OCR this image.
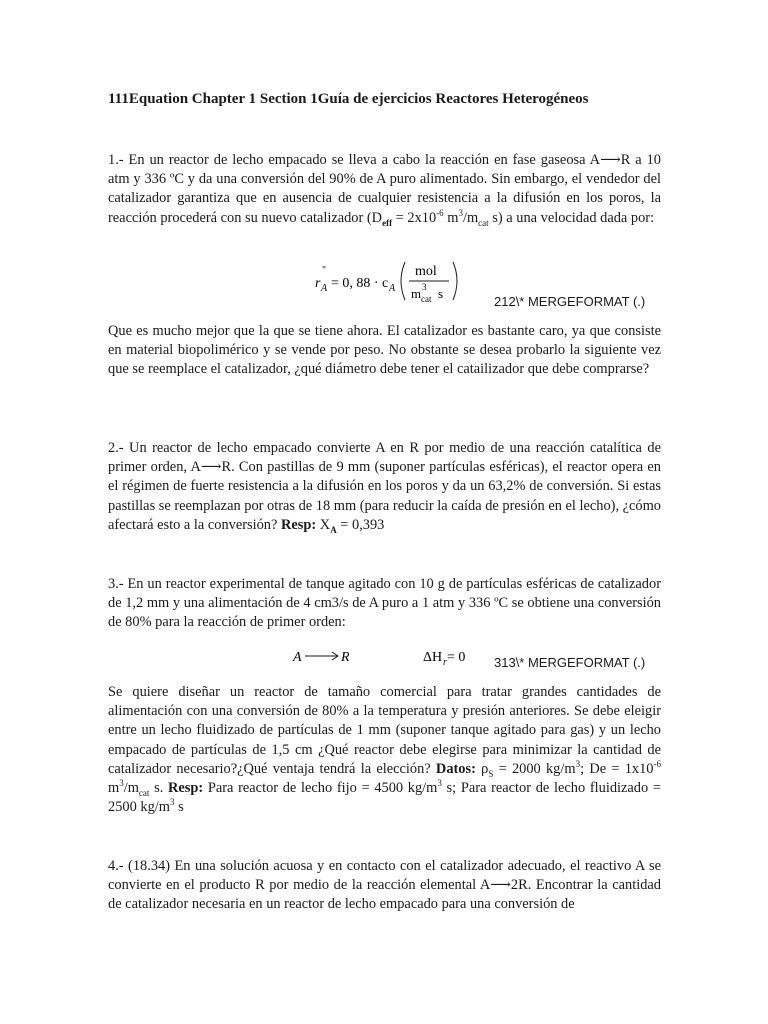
111Equation Chapter 1 Section 1Guía de ejercicios Reactores Heterogéneos

1.- En un reactor de lecho empacado se lleva a cabo la reacción en fase gaseosa A⟶R a 10 atm y 336 ºC y da una conversión del 90% de A puro alimentado. Sin embargo, el vendedor del catalizador garantiza que en ausencia de cualquier resistencia a la difusión en los poros, la reacción procederá con su nuevo catalizador ($D_{eff} = 2x10^{-6}$ $m^3/m_{cat}$ s) a una velocidad dada por:

r
"
A = 0, 88 · c A
mol
m 3
cat s
212\* MERGEFORMAT (.)

Que es mucho mejor que la que se tiene ahora. El catalizador es bastante caro, ya que consiste en material biopolimérico y se vende por peso. No obstante se desea probarlo la siguiente vez que se reemplace el catalizador, ¿qué diámetro debe tener el catailizador que debe comprarse?

2.- Un reactor de lecho empacado convierte A en R por medio de una reacción catalítica de primer orden, A⟶R. Con pastillas de 9 mm (suponer partículas esféricas), el reactor opera en el régimen de fuerte resistencia a la difusión en los poros y da un 63,2% de conversión. Si estas pastillas se reemplazan por otras de 18 mm (para reducir la caída de presión en el lecho), ¿cómo afectará esto a la conversión? Resp: $X_A = 0,393$

3.- En un reactor experimental de tanque agitado con 10 g de partículas esféricas de catalizador de 1,2 mm y una alimentación de 4 cm3/s de A puro a 1 atm y 336 ºC se obtiene una conversión de 80% para la reacción de primer orden:

A	R	ΔH r = 0 313\* MERGEFORMAT (.)

Se quiere diseñar un reactor de tamaño comercial para tratar grandes cantidades de alimentación con una conversión de 80% a la temperatura y presión anteriores. Se debe eleigir entre un lecho fluidizado de partículas de 1 mm (suponer tanque agitado para gas) y un lecho empacado de partículas de 1,5 cm ¿Qué reactor debe elegirse para minimizar la cantidad de catalizador necesario?¿Qué ventaja tendrá la elección? Datos: $\rho_S = 2000$ $kg/m^3$; $De = 1x10^{-6}$ $m^3/m_{cat}$ s. Resp: Para reactor de lecho fijo = 4500 $kg/m^3$ s; Para reactor de lecho fluidizado = 2500 $kg/m^3$ s

4.- (18.34) En una solución acuosa y en contacto con el catalizador adecuado, el reactivo A se convierte en el producto R por medio de la reacción elemental A⟶2R. Encontrar la cantidad de catalizador necesaria en un reactor de lecho empacado para una conversión de
